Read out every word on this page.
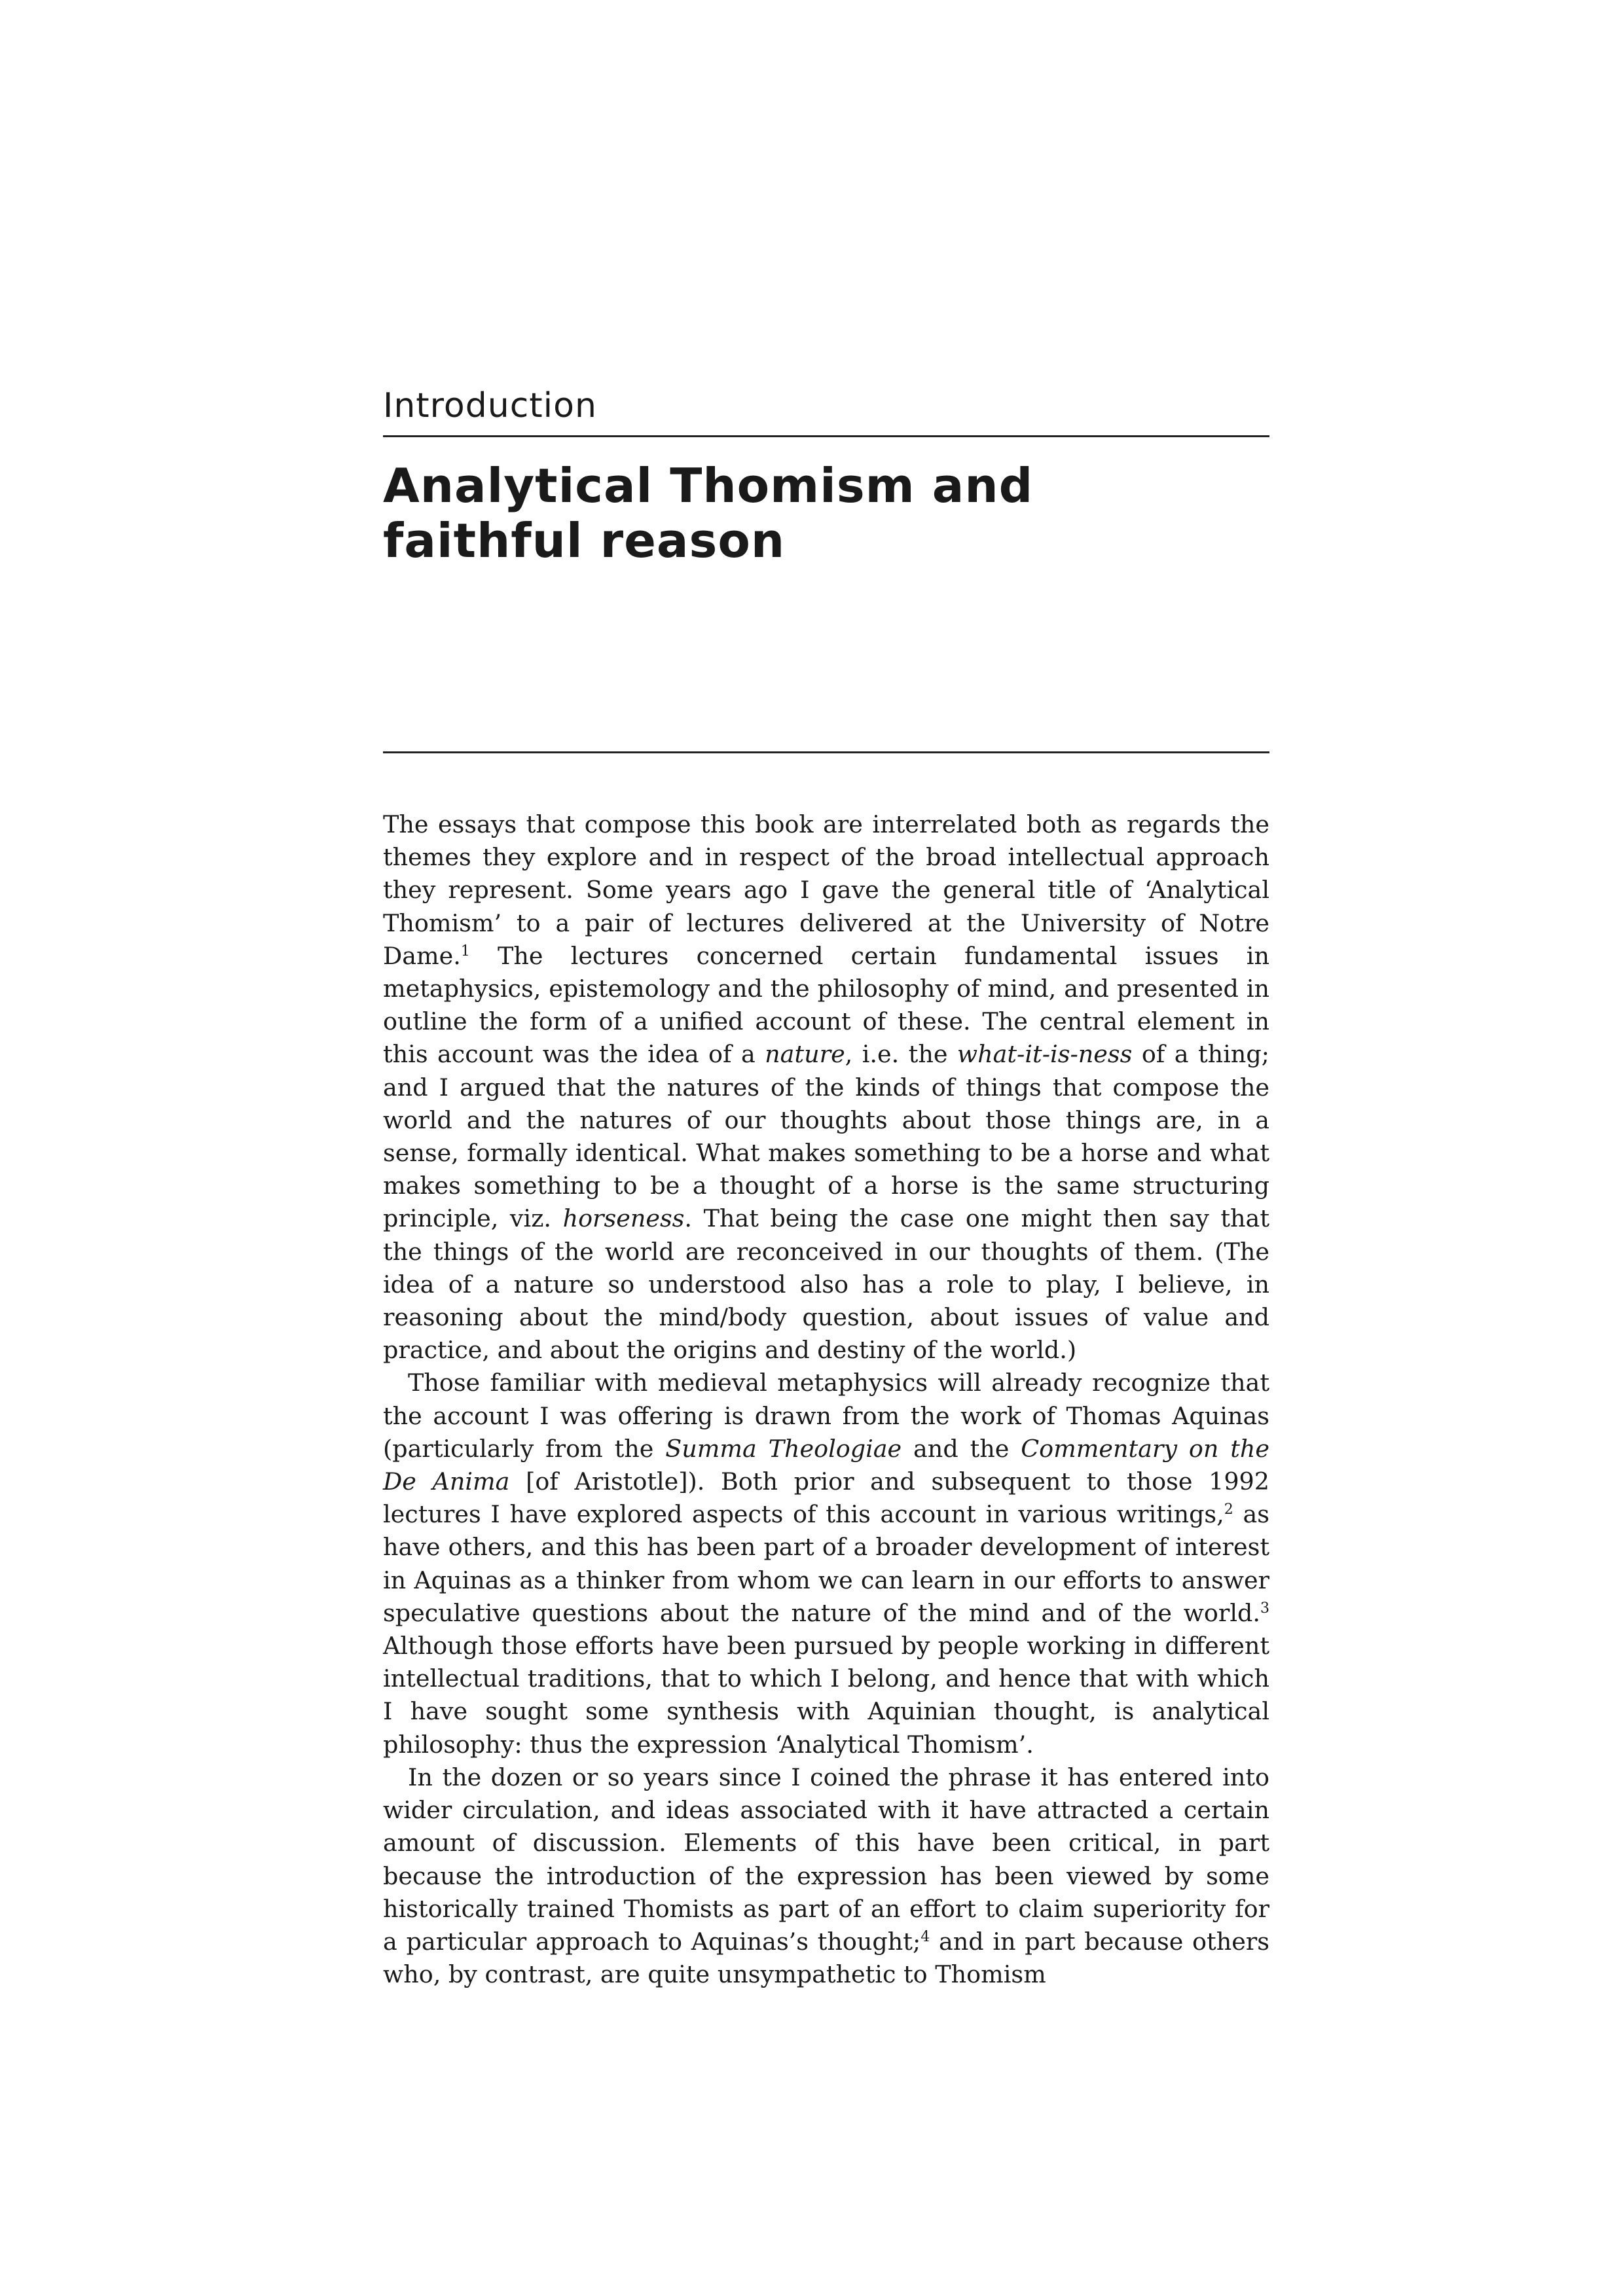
Introduction
Analytical Thomism and
faithful reason

The essays that compose this book are interrelated both as regards the themes they explore and in respect of the broad intellectual approach they represent. Some years ago I gave the general title of ‘Analytical Thomism’ to a pair of lectures delivered at the University of Notre Dame.$^1$ The lectures concerned certain fundamental issues in metaphysics, epistemology and the philosophy of mind, and presented in outline the form of a unified account of these. The central element in this account was the idea of a nature, i.e. the what-it-is-ness of a thing; and I argued that the natures of the kinds of things that compose the world and the natures of our thoughts about those things are, in a sense, formally identical. What makes something to be a horse and what makes something to be a thought of a horse is the same structuring principle, viz. horseness. That being the case one might then say that the things of the world are reconceived in our thoughts of them. (The idea of a nature so understood also has a role to play, I believe, in reasoning about the mind/body question, about issues of value and practice, and about the origins and destiny of the world.)

Those familiar with medieval metaphysics will already recognize that the account I was offering is drawn from the work of Thomas Aquinas (particularly from the Summa Theologiae and the Commentary on the De Anima [of Aristotle]). Both prior and subsequent to those 1992 lectures I have explored aspects of this account in various writings,$^2$ as have others, and this has been part of a broader development of interest in Aquinas as a thinker from whom we can learn in our efforts to answer speculative questions about the nature of the mind and of the world.$^3$ Although those efforts have been pursued by people working in different intellectual traditions, that to which I belong, and hence that with which I have sought some synthesis with Aquinian thought, is analytical philosophy: thus the expression ‘Analytical Thomism’.

In the dozen or so years since I coined the phrase it has entered into wider circulation, and ideas associated with it have attracted a certain amount of discussion. Elements of this have been critical, in part because the introduction of the expression has been viewed by some historically trained Thomists as part of an effort to claim superiority for a particular approach to Aquinas’s thought;$^4$ and in part because others who, by contrast, are quite unsympathetic to Thomism
